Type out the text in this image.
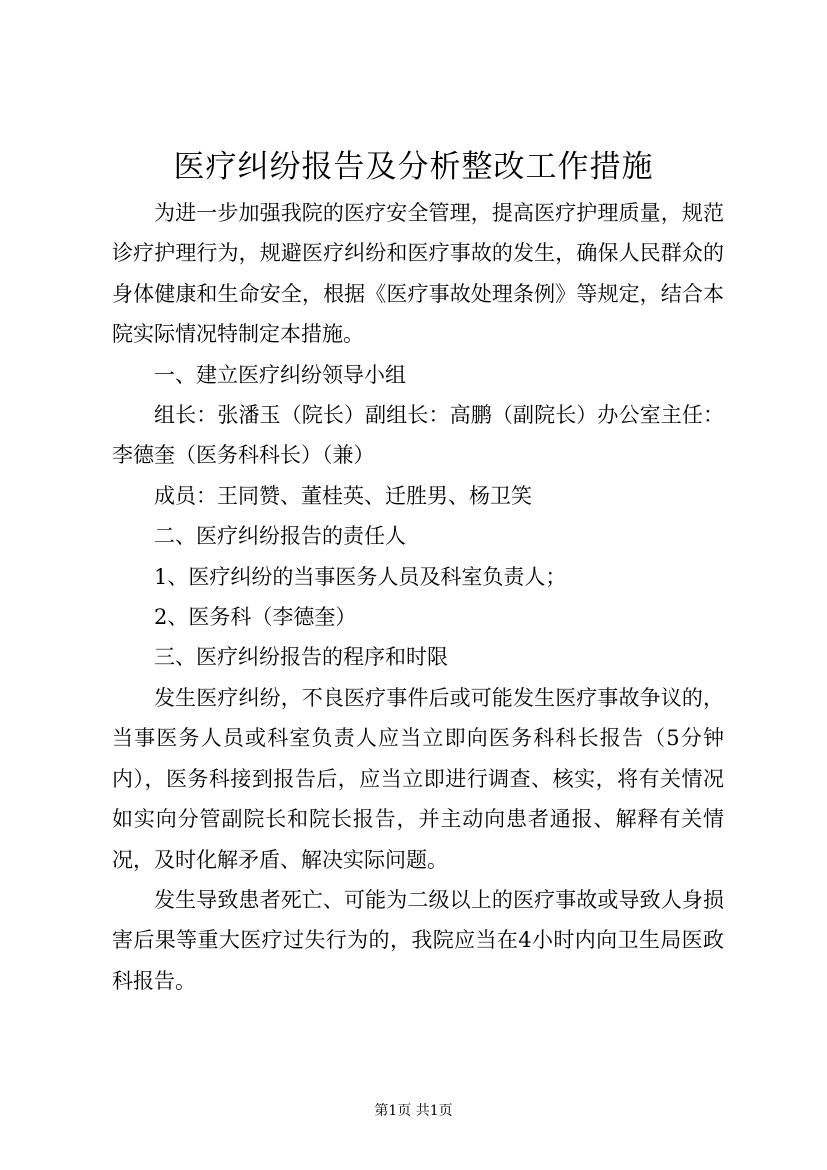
医疗纠纷报告及分析整改工作措施

为进一步加强我院的医疗安全管理，提高医疗护理质量，规范诊疗护理行为，规避医疗纠纷和医疗事故的发生，确保人民群众的身体健康和生命安全，根据《医疗事故处理条例》等规定，结合本院实际情况特制定本措施。

一、建立医疗纠纷领导小组

组长：张潘玉（院长）副组长：高鹏（副院长）办公室主任：李德奎（医务科科长）（兼）

成员：王同赞、董桂英、迁胜男、杨卫笑

二、医疗纠纷报告的责任人

1、医疗纠纷的当事医务人员及科室负责人；

2、医务科（李德奎）

三、医疗纠纷报告的程序和时限

发生医疗纠纷，不良医疗事件后或可能发生医疗事故争议的，当事医务人员或科室负责人应当立即向医务科科长报告（5分钟内），医务科接到报告后，应当立即进行调查、核实，将有关情况如实向分管副院长和院长报告，并主动向患者通报、解释有关情况，及时化解矛盾、解决实际问题。

发生导致患者死亡、可能为二级以上的医疗事故或导致人身损害后果等重大医疗过失行为的，我院应当在4小时内向卫生局医政科报告。

第1页 共1页
